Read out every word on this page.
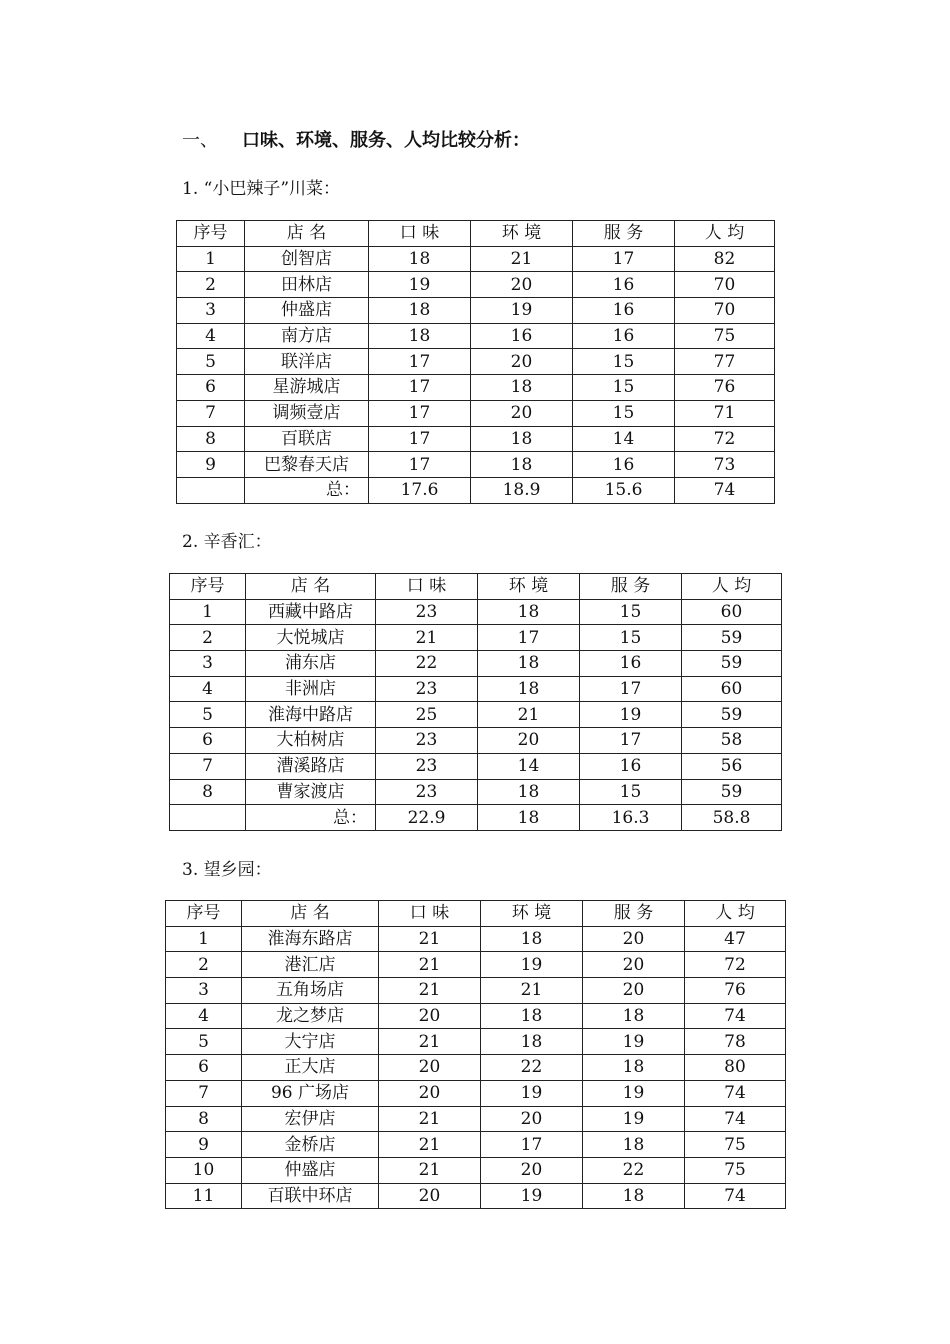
一、 口味、环境、服务、人均比较分析：
1. “小巴辣子”川菜：
序号	店 名	口 味	环 境	服 务	人 均
1	创智店	18	21	17	82
2	田林店	19	20	16	70
3	仲盛店	18	19	16	70
4	南方店	18	16	16	75
5	联洋店	17	20	15	77
6	星游城店	17	18	15	76
7	调频壹店	17	20	15	71
8	百联店	17	18	14	72
9	巴黎春天店	17	18	16	73
	总：	17.6	18.9	15.6	74
2. 辛香汇：
序号	店 名	口 味	环 境	服 务	人 均
1	西藏中路店	23	18	15	60
2	大悦城店	21	17	15	59
3	浦东店	22	18	16	59
4	非洲店	23	18	17	60
5	淮海中路店	25	21	19	59
6	大柏树店	23	20	17	58
7	漕溪路店	23	14	16	56
8	曹家渡店	23	18	15	59
	总：	22.9	18	16.3	58.8
3. 望乡园：
序号	店 名	口 味	环 境	服 务	人 均
1	淮海东路店	21	18	20	47
2	港汇店	21	19	20	72
3	五角场店	21	21	20	76
4	龙之梦店	20	18	18	74
5	大宁店	21	18	19	78
6	正大店	20	22	18	80
7	96 广场店	20	19	19	74
8	宏伊店	21	20	19	74
9	金桥店	21	17	18	75
10	仲盛店	21	20	22	75
11	百联中环店	20	19	18	74
